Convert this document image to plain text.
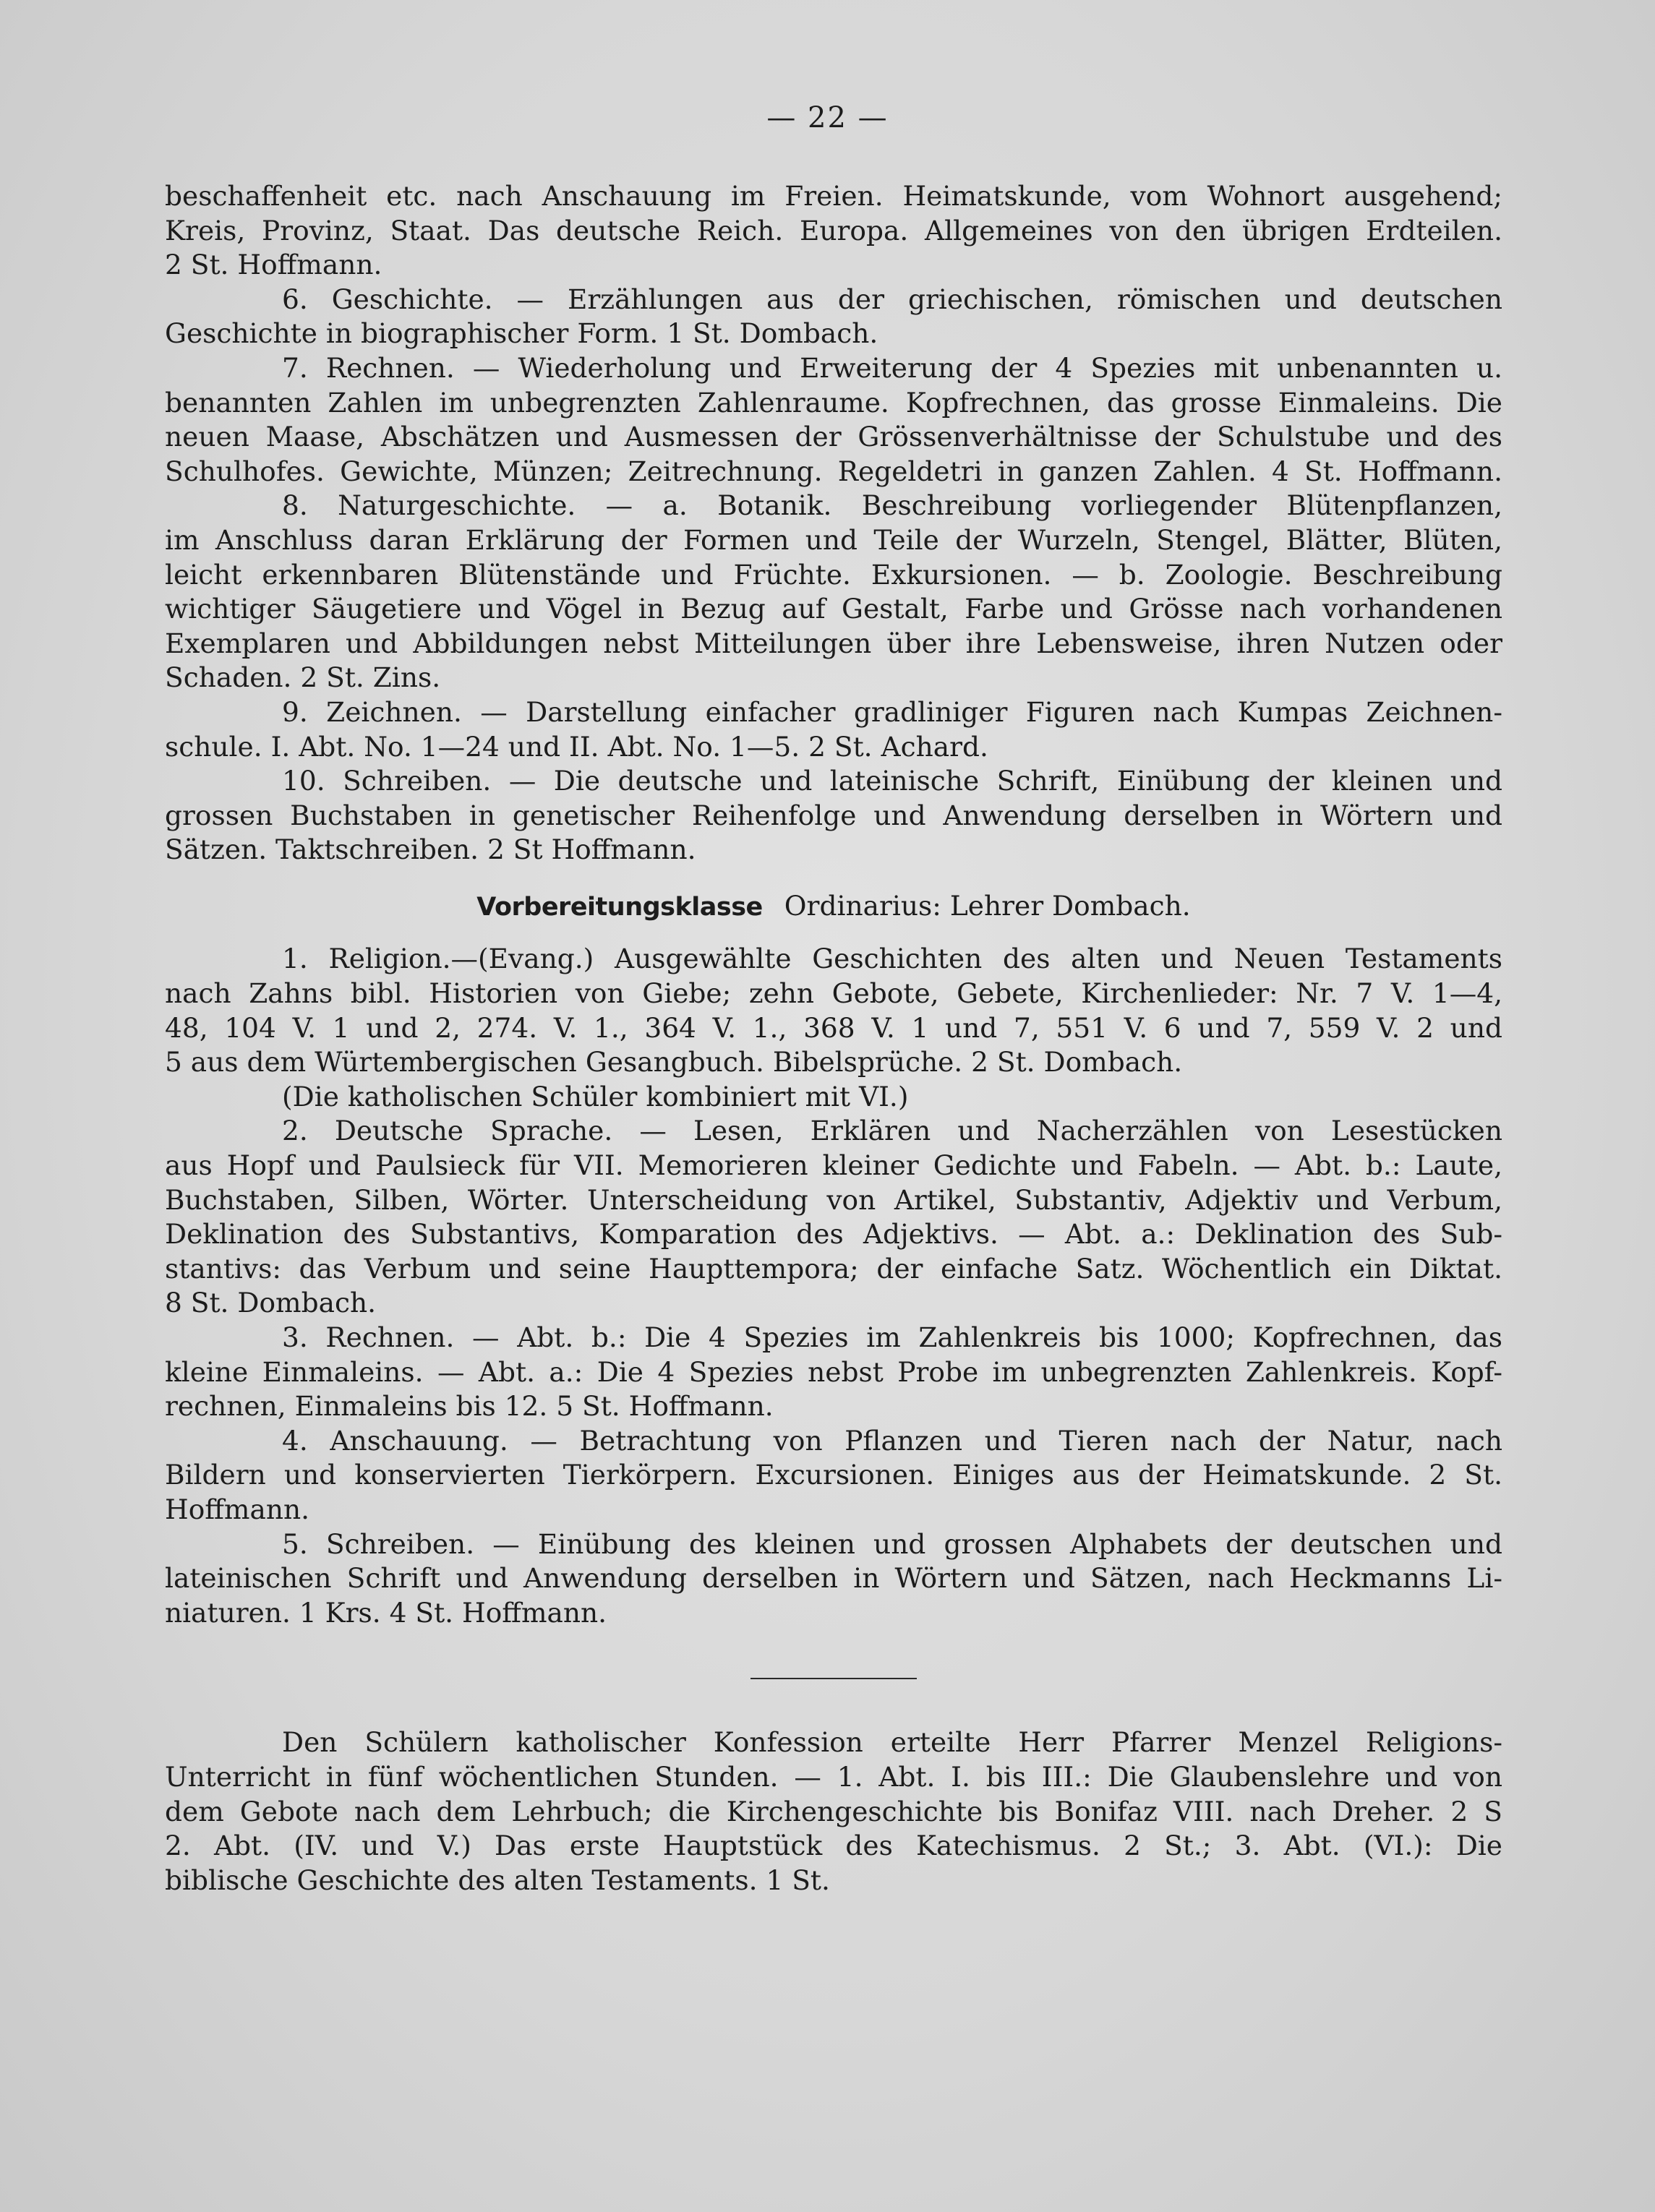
— 22 —
beschaffenheit etc. nach Anschauung im Freien. Heimatskunde, vom Wohnort ausgehend;
Kreis, Provinz, Staat. Das deutsche Reich. Europa. Allgemeines von den übrigen Erdteilen.
2 St. Hoffmann.
6. Geschichte. — Erzählungen aus der griechischen, römischen und deutschen
Geschichte in biographischer Form. 1 St. Dombach.
7. Rechnen. — Wiederholung und Erweiterung der 4 Spezies mit unbenannten u.
benannten Zahlen im unbegrenzten Zahlenraume. Kopfrechnen, das grosse Einmaleins. Die
neuen Maase, Abschätzen und Ausmessen der Grössenverhältnisse der Schulstube und des
Schulhofes. Gewichte, Münzen; Zeitrechnung. Regeldetri in ganzen Zahlen. 4 St. Hoffmann.
8. Naturgeschichte. — a. Botanik. Beschreibung vorliegender Blütenpflanzen,
im Anschluss daran Erklärung der Formen und Teile der Wurzeln, Stengel, Blätter, Blüten,
leicht erkennbaren Blütenstände und Früchte. Exkursionen. — b. Zoologie. Beschreibung
wichtiger Säugetiere und Vögel in Bezug auf Gestalt, Farbe und Grösse nach vorhandenen
Exemplaren und Abbildungen nebst Mitteilungen über ihre Lebensweise, ihren Nutzen oder
Schaden. 2 St. Zins.
9. Zeichnen. — Darstellung einfacher gradliniger Figuren nach Kumpas Zeichnen-
schule. I. Abt. No. 1—24 und II. Abt. No. 1—5. 2 St. Achard.
10. Schreiben. — Die deutsche und lateinische Schrift, Einübung der kleinen und
grossen Buchstaben in genetischer Reihenfolge und Anwendung derselben in Wörtern und
Sätzen. Taktschreiben. 2 St Hoffmann.
Vorbereitungsklasse Ordinarius: Lehrer Dombach.
1. Religion.—(Evang.) Ausgewählte Geschichten des alten und Neuen Testaments
nach Zahns bibl. Historien von Giebe; zehn Gebote, Gebete, Kirchenlieder: Nr. 7 V. 1—4,
48, 104 V. 1 und 2, 274. V. 1., 364 V. 1., 368 V. 1 und 7, 551 V. 6 und 7, 559 V. 2 und
5 aus dem Würtembergischen Gesangbuch. Bibelsprüche. 2 St. Dombach.
(Die katholischen Schüler kombiniert mit VI.)
2. Deutsche Sprache. — Lesen, Erklären und Nacherzählen von Lesestücken
aus Hopf und Paulsieck für VII. Memorieren kleiner Gedichte und Fabeln. — Abt. b.: Laute,
Buchstaben, Silben, Wörter. Unterscheidung von Artikel, Substantiv, Adjektiv und Verbum,
Deklination des Substantivs, Komparation des Adjektivs. — Abt. a.: Deklination des Sub-
stantivs: das Verbum und seine Haupttempora; der einfache Satz. Wöchentlich ein Diktat.
8 St. Dombach.
3. Rechnen. — Abt. b.: Die 4 Spezies im Zahlenkreis bis 1000; Kopfrechnen, das
kleine Einmaleins. — Abt. a.: Die 4 Spezies nebst Probe im unbegrenzten Zahlenkreis. Kopf-
rechnen, Einmaleins bis 12. 5 St. Hoffmann.
4. Anschauung. — Betrachtung von Pflanzen und Tieren nach der Natur, nach
Bildern und konservierten Tierkörpern. Excursionen. Einiges aus der Heimatskunde. 2 St.
Hoffmann.
5. Schreiben. — Einübung des kleinen und grossen Alphabets der deutschen und
lateinischen Schrift und Anwendung derselben in Wörtern und Sätzen, nach Heckmanns Li-
niaturen. 1 Krs. 4 St. Hoffmann.
Den Schülern katholischer Konfession erteilte Herr Pfarrer Menzel Religions-
Unterricht in fünf wöchentlichen Stunden. — 1. Abt. I. bis III.: Die Glaubenslehre und von
dem Gebote nach dem Lehrbuch; die Kirchengeschichte bis Bonifaz VIII. nach Dreher. 2 S
2. Abt. (IV. und V.) Das erste Hauptstück des Katechismus. 2 St.; 3. Abt. (VI.): Die
biblische Geschichte des alten Testaments. 1 St.
